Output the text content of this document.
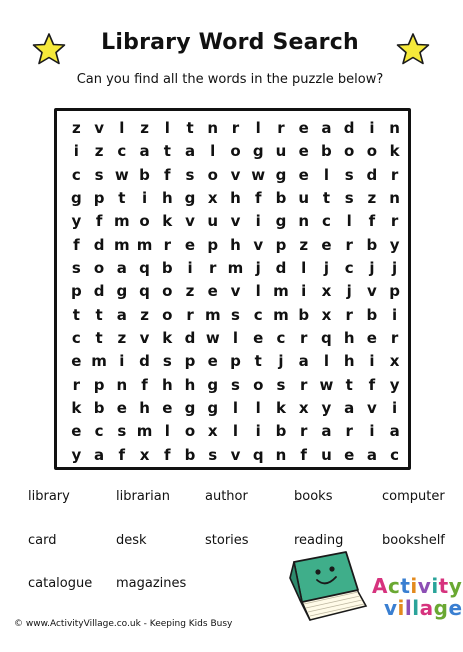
Library Word Search
Can you find all the words in the puzzle below?
z v	l	z	l	t n r	l	r e a d i n
i	z c a t a	l	o g u e b o o k
c s w b f	s o v w g e	l	s d r
g p t	i h g x h f b u t s z n
y f m o k v u v	i g n c	l	f	r
f d m m r e p h v p z e r b y
s o a q b i	r m j d l	j	c	j	j
p d g q o z e v	l m i	x	j	v p
t	t a z o r m s c m b x r b i
c t z v k d w l	e c r q h e r
e m i d s p e p t	j	a	l h i	x
r p n f h h g s o s r w t	f y
k b e h e g g l	l	k x y a v	i
e c s m l	o x	l	i b r a r	i	a
y a f x f b s v q n f u e a c
library	librarian	author	books	computer
card	desk	stories	reading	bookshelf
catalogue magazines
© www.ActivityVillage.co.uk - Keeping Kids Busy
Activity
village
